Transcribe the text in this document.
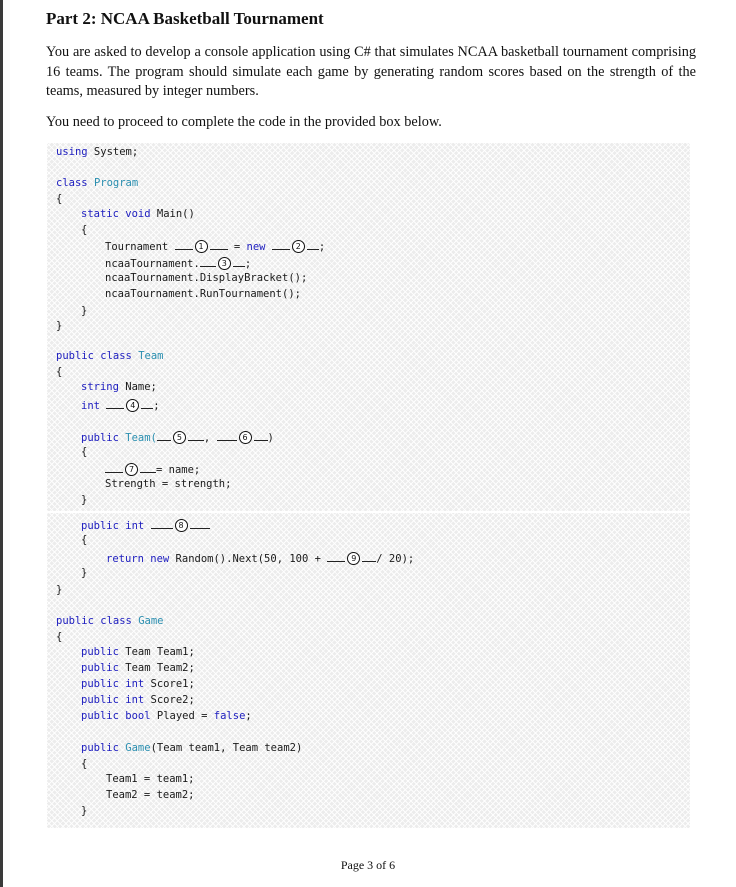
Part 2: NCAA Basketball Tournament

You are asked to develop a console application using C# that simulates NCAA basketball tournament comprising 16 teams. The program should simulate each game by generating random scores based on the strength of the teams, measured by integer numbers.

You need to proceed to complete the code in the provided box below.

using System;
class Program
{
static void Main()
{
Tournament	1 = new	2 ;
ncaaTournament.	3 ;
ncaaTournament.DisplayBracket();
ncaaTournament.RunTournament();
}
}
public class Team
{
string Name;
int	4 ;
public Team( 5 ,	6 )
{
7 = name;
Strength = strength;
}
public int	8
{
return new Random().Next(50, 100 +	9 / 20);
}
}
public class Game
{
public Team Team1;
public Team Team2;
public int Score1;
public int Score2;
public bool Played = false;
public Game(Team team1, Team team2)
{
Team1 = team1;
Team2 = team2;
}
Page 3 of 6
